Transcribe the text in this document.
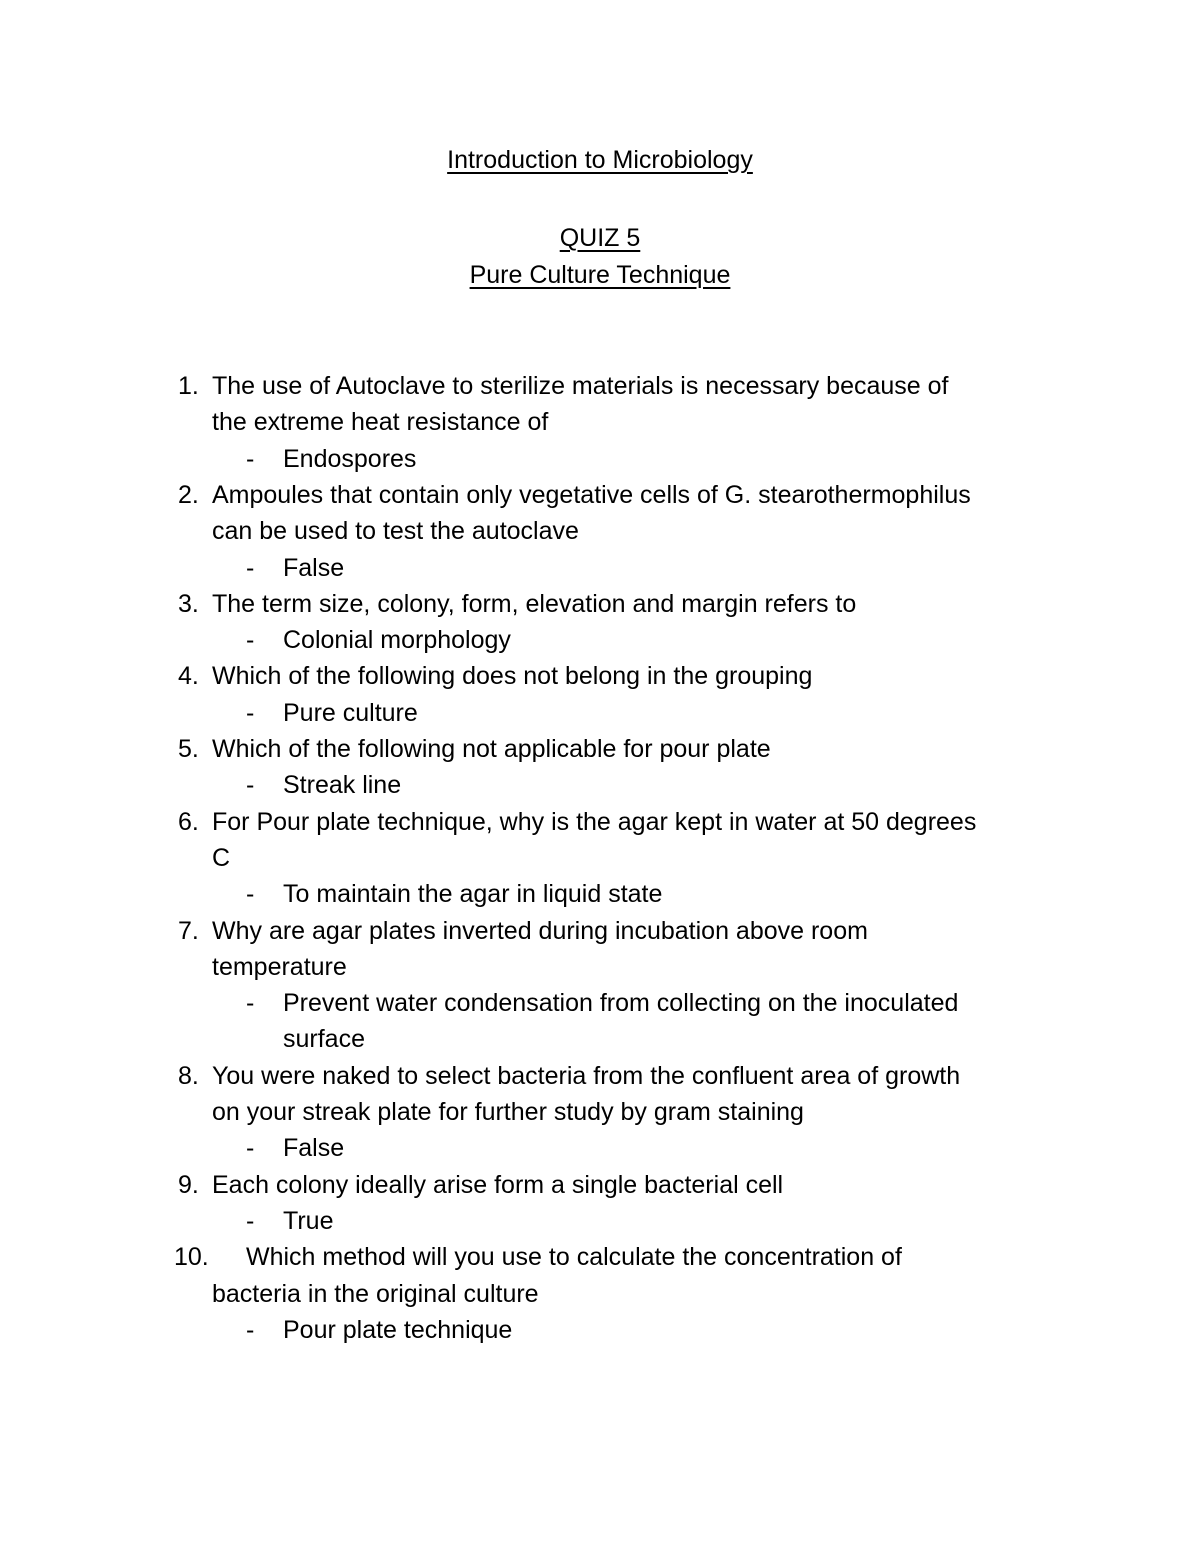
Introduction to Microbiology
QUIZ 5
Pure Culture Technique
1. The use of Autoclave to sterilize materials is necessary because of
the extreme heat resistance of
- Endospores
2. Ampoules that contain only vegetative cells of G. stearothermophilus
can be used to test the autoclave
- False
3. The term size, colony, form, elevation and margin refers to
- Colonial morphology
4. Which of the following does not belong in the grouping
- Pure culture
5. Which of the following not applicable for pour plate
- Streak line
6. For Pour plate technique, why is the agar kept in water at 50 degrees
C
- To maintain the agar in liquid state
7. Why are agar plates inverted during incubation above room
temperature
- Prevent water condensation from collecting on the inoculated
surface
8. You were naked to select bacteria from the confluent area of growth
on your streak plate for further study by gram staining
- False
9. Each colony ideally arise form a single bacterial cell
- True
10. Which method will you use to calculate the concentration of
bacteria in the original culture
- Pour plate technique
